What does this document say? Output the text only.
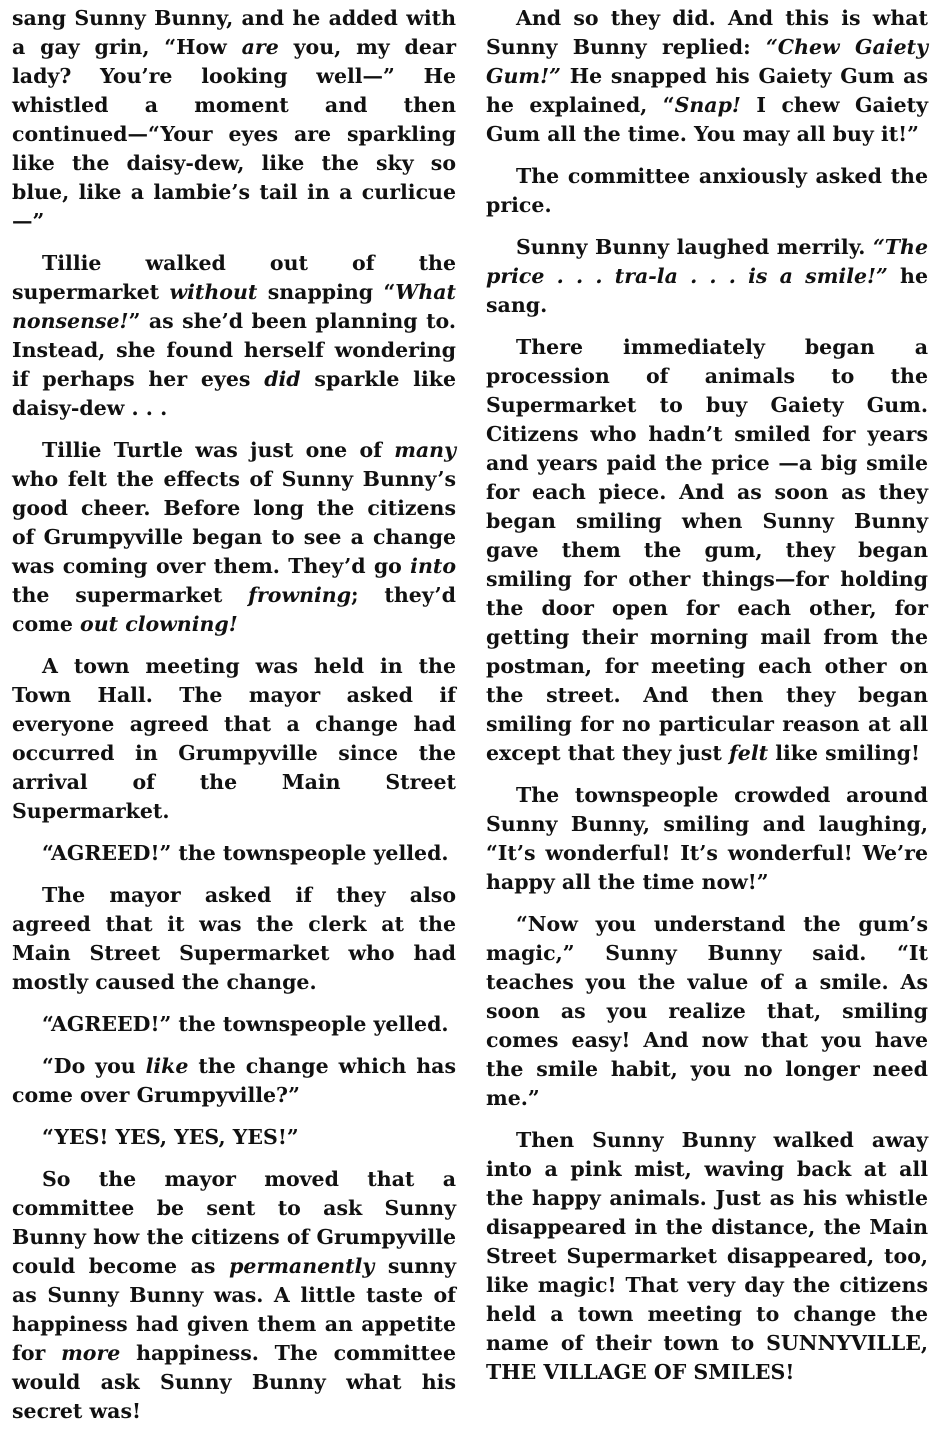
sang Sunny Bunny, and he added with a gay grin, “How are you, my dear lady? You’re looking well—” He whistled a moment and then continued—“Your eyes are sparkling like the daisy-dew, like the sky so blue, like a lambie’s tail in a curlicue—”

Tillie walked out of the supermarket without snapping “What nonsense!” as she’d been planning to. Instead, she found herself wondering if perhaps her eyes did sparkle like daisy-dew . . .

Tillie Turtle was just one of many who felt the effects of Sunny Bunny’s good cheer. Before long the citizens of Grumpyville began to see a change was coming over them. They’d go into the supermarket frowning; they’d come out clowning!

A town meeting was held in the Town Hall. The mayor asked if everyone agreed that a change had occurred in Grumpyville since the arrival of the Main Street Supermarket.

“AGREED!” the townspeople yelled.

The mayor asked if they also agreed that it was the clerk at the Main Street Supermarket who had mostly caused the change.

“AGREED!” the townspeople yelled.

“Do you like the change which has come over Grumpyville?”

“YES! YES, YES, YES!”

So the mayor moved that a committee be sent to ask Sunny Bunny how the citizens of Grumpyville could become as permanently sunny as Sunny Bunny was. A little taste of happiness had given them an appetite for more happiness. The committee would ask Sunny Bunny what his secret was!

And so they did. And this is what Sunny Bunny replied: “Chew Gaiety Gum!” He snapped his Gaiety Gum as he explained, “Snap! I chew Gaiety Gum all the time. You may all buy it!”

The committee anxiously asked the price.

Sunny Bunny laughed merrily. “The price . . . tra-la . . . is a smile!” he sang.

There immediately began a procession of animals to the Supermarket to buy Gaiety Gum. Citizens who hadn’t smiled for years and years paid the price —a big smile for each piece. And as soon as they began smiling when Sunny Bunny gave them the gum, they began smiling for other things—for holding the door open for each other, for getting their morning mail from the postman, for meeting each other on the street. And then they began smiling for no particular reason at all except that they just felt like smiling!

The townspeople crowded around Sunny Bunny, smiling and laughing, “It’s wonderful! It’s wonderful! We’re happy all the time now!”

“Now you understand the gum’s magic,” Sunny Bunny said. “It teaches you the value of a smile. As soon as you realize that, smiling comes easy! And now that you have the smile habit, you no longer need me.”

Then Sunny Bunny walked away into a pink mist, waving back at all the happy animals. Just as his whistle disappeared in the distance, the Main Street Supermarket disappeared, too, like magic! That very day the citizens held a town meeting to change the name of their town to SUNNYVILLE, THE VILLAGE OF SMILES!
